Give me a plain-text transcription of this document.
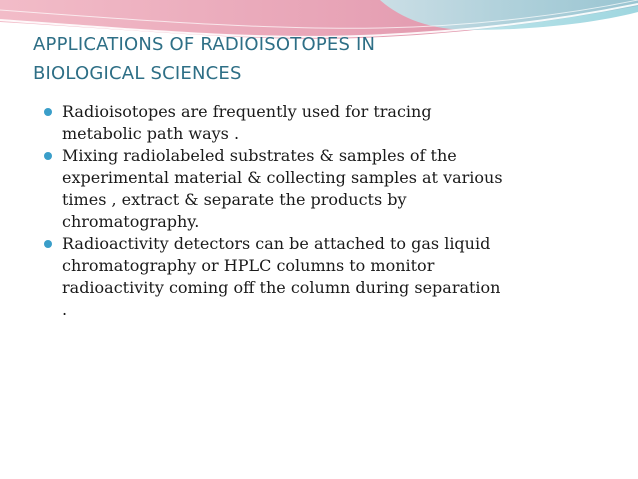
APPLICATIONS OF RADIOISOTOPES IN
BIOLOGICAL SCIENCES
Radioisotopes are frequently used for tracing
metabolic path ways .
Mixing radiolabeled substrates & samples of the
experimental material & collecting samples at various
times , extract & separate the products by
chromatography.
Radioactivity detectors can be attached to gas liquid
chromatography or HPLC columns to monitor
radioactivity coming off the column during separation
.
